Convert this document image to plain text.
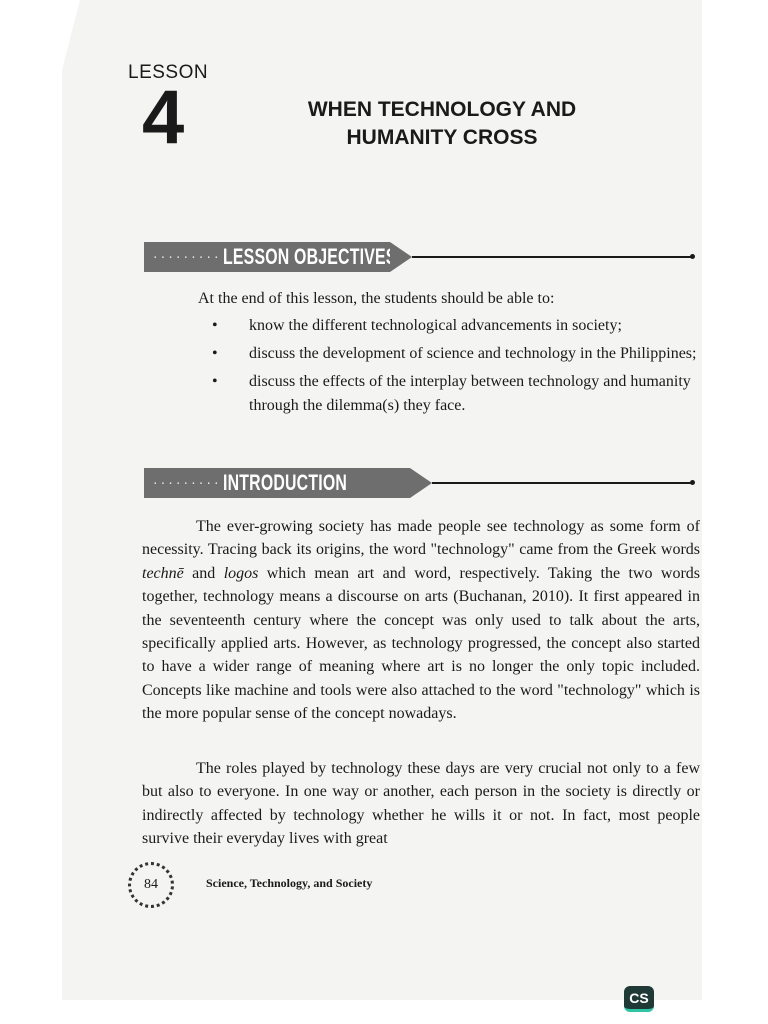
LESSON
4	WHEN TECHNOLOGY AND
HUMANITY CROSS
········· LESSON OBJECTIVES
At the end of this lesson, the students should be able to:
• know the different technological advancements in society;
• discuss the development of science and technology in the Philippines;
• discuss the effects of the interplay between technology and humanity through the dilemma(s) they face.
········· INTRODUCTION

The ever-growing society has made people see technology as some form of necessity. Tracing back its origins, the word "technology" came from the Greek words technē and logos which mean art and word, respectively. Taking the two words together, technology means a discourse on arts (Buchanan, 2010). It first appeared in the seventeenth century where the concept was only used to talk about the arts, specifically applied arts. However, as technology progressed, the concept also started to have a wider range of meaning where art is no longer the only topic included. Concepts like machine and tools were also attached to the word "technology" which is the more popular sense of the concept nowadays.

The roles played by technology these days are very crucial not only to a few but also to everyone. In one way or another, each person in the society is directly or indirectly affected by technology whether he wills it or not. In fact, most people survive their everyday lives with great

84	Science, Technology, and Society
CS
